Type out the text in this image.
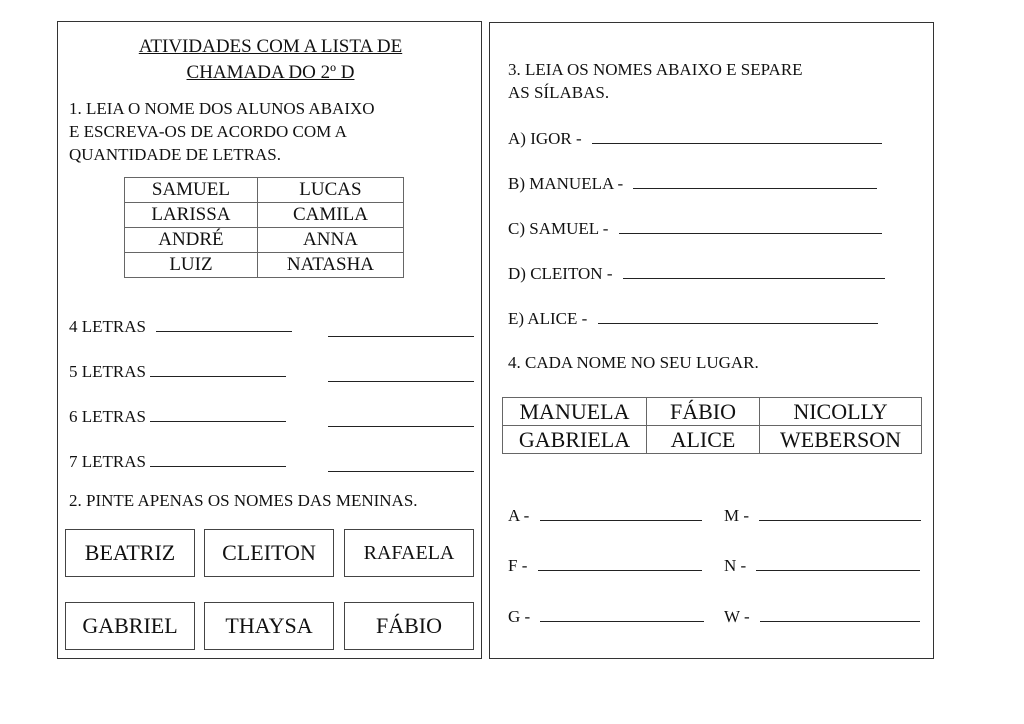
ATIVIDADES COM A LISTA DE
CHAMADA DO 2º D
1. LEIA O NOME DOS ALUNOS ABAIXO
E ESCREVA-OS DE ACORDO COM A
QUANTIDADE DE LETRAS.
SAMUEL	LUCAS
LARISSA	CAMILA
ANDRÉ	ANNA
LUIZ	NATASHA
4 LETRAS
5 LETRAS
6 LETRAS
7 LETRAS
2. PINTE APENAS OS NOMES DAS MENINAS.
BEATRIZ	CLEITON	RAFAELA
GABRIEL	THAYSA	FÁBIO
3. LEIA OS NOMES ABAIXO E SEPARE
AS SÍLABAS.
A) IGOR -
B) MANUELA -
C) SAMUEL -
D) CLEITON -
E) ALICE -
4. CADA NOME NO SEU LUGAR.
MANUELA	FÁBIO	NICOLLY
GABRIELA	ALICE	WEBERSON
A -	M -
F -	N -
G -	W -
